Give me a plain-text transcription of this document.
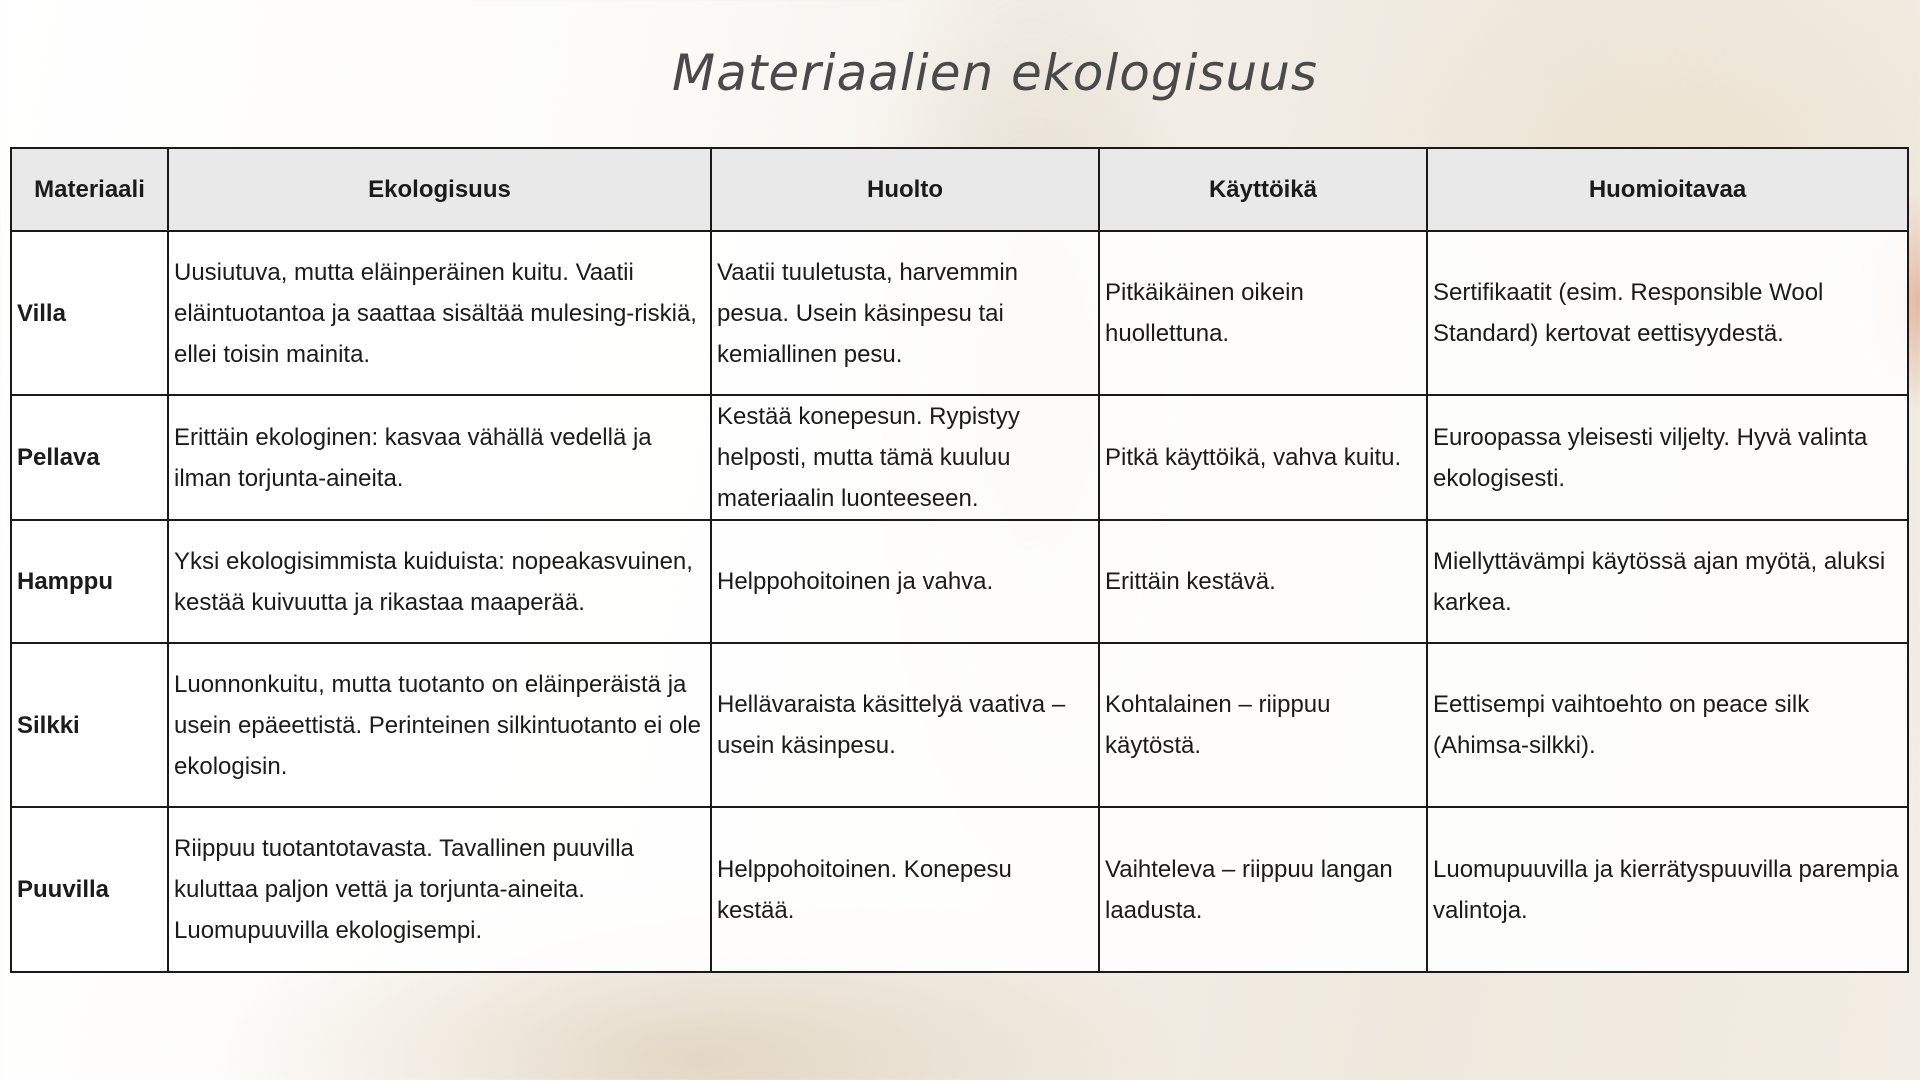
Materiaalien ekologisuus
Materiaali	Ekologisuus	Huolto	Käyttöikä	Huomioitavaa
Villa	Uusiutuva, mutta eläinperäinen kuitu. Vaatii eläintuotantoa ja saattaa sisältää mulesing-riskiä, ellei toisin mainita.	Vaatii tuuletusta, harvemmin pesua. Usein käsinpesu tai kemiallinen pesu.	Pitkäikäinen oikein huollettuna.	Sertifikaatit (esim. Responsible Wool Standard) kertovat eettisyydestä.
Pellava	Erittäin ekologinen: kasvaa vähällä vedellä ja ilman torjunta-aineita.	Kestää konepesun. Rypistyy helposti, mutta tämä kuuluu materiaalin luonteeseen.	Pitkä käyttöikä, vahva kuitu.	Euroopassa yleisesti viljelty. Hyvä valinta ekologisesti.
Hamppu	Yksi ekologisimmista kuiduista: nopeakasvuinen, kestää kuivuutta ja rikastaa maaperää.	Helppohoitoinen ja vahva.	Erittäin kestävä.	Miellyttävämpi käytössä ajan myötä, aluksi karkea.
Silkki	Luonnonkuitu, mutta tuotanto on eläinperäistä ja usein epäeettistä. Perinteinen silkintuotanto ei ole ekologisin.	Hellävaraista käsittelyä vaativa – usein käsinpesu.	Kohtalainen – riippuu käytöstä.	Eettisempi vaihtoehto on peace silk (Ahimsa-silkki).
Puuvilla	Riippuu tuotantotavasta. Tavallinen puuvilla kuluttaa paljon vettä ja torjunta-aineita. Luomupuuvilla ekologisempi.	Helppohoitoinen. Konepesu kestää.	Vaihteleva – riippuu langan laadusta.	Luomupuuvilla ja kierrätyspuuvilla parempia valintoja.
